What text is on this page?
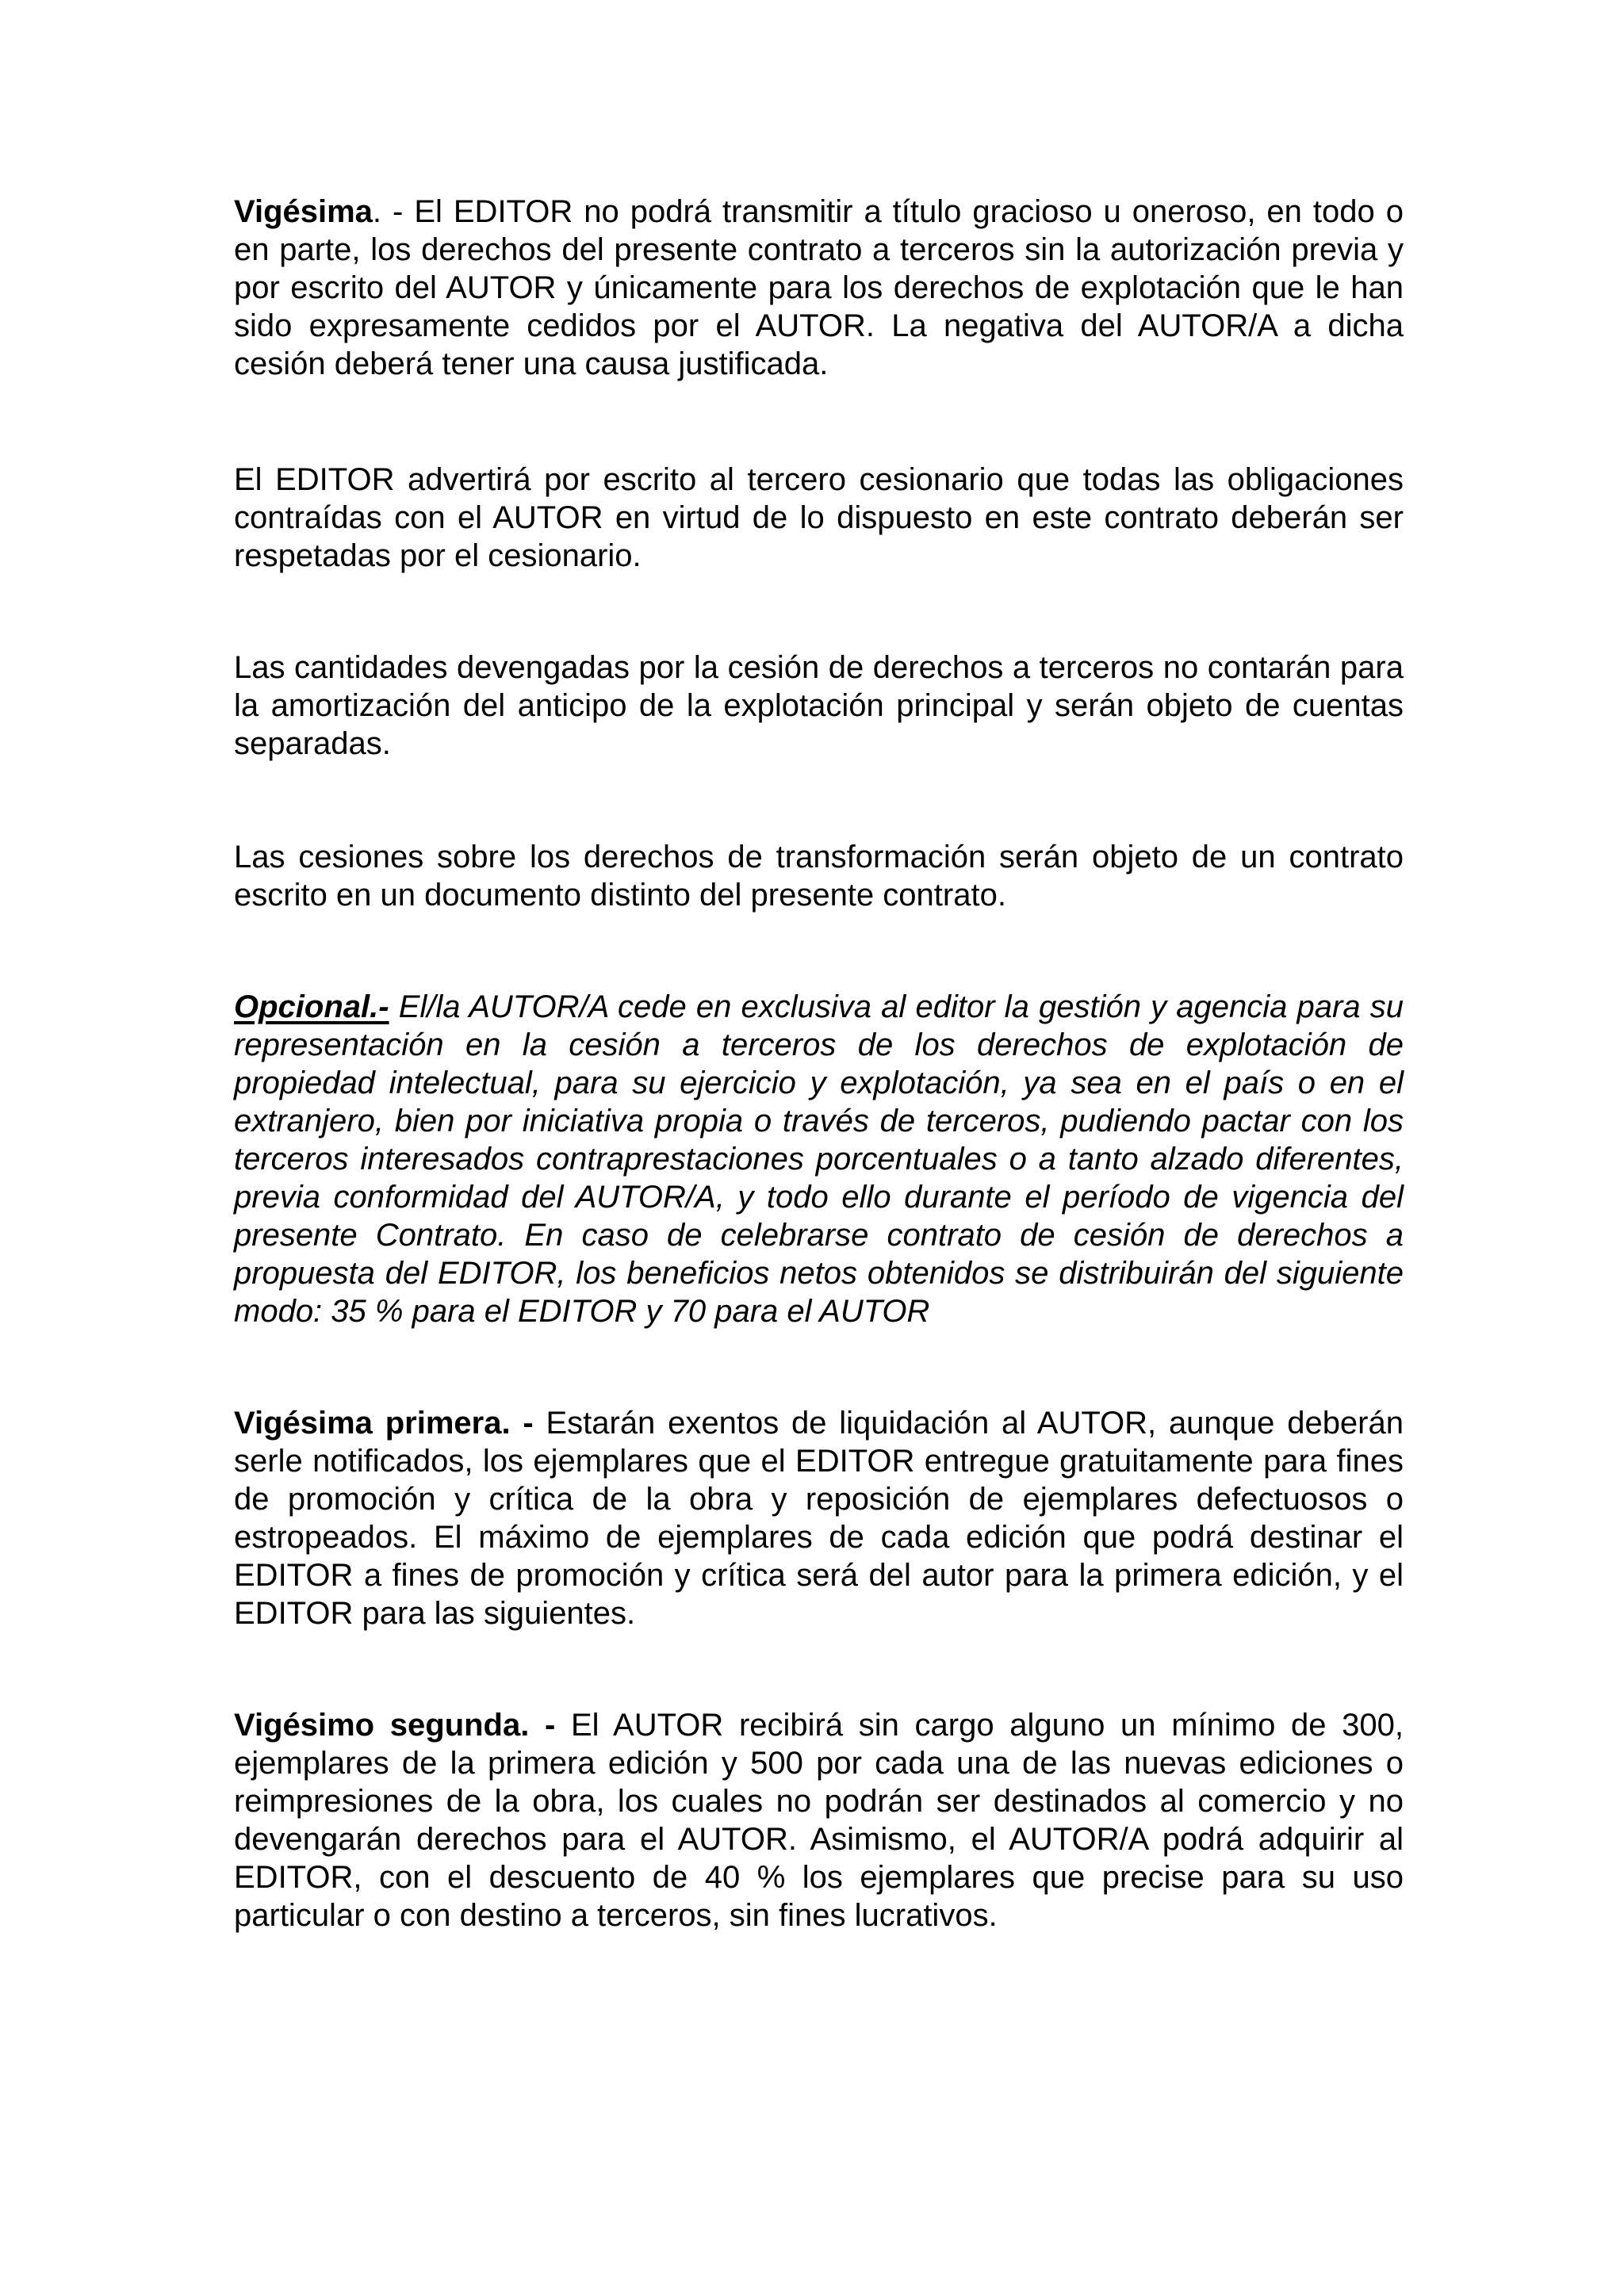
Vigésima. - El EDITOR no podrá transmitir a título gracioso u oneroso, en todo o en parte, los derechos del presente contrato a terceros sin la autorización previa y por escrito del AUTOR y únicamente para los derechos de explotación que le han sido expresamente cedidos por el AUTOR. La negativa del AUTOR/A a dicha cesión deberá tener una causa justificada.

El EDITOR advertirá por escrito al tercero cesionario que todas las obligaciones contraídas con el AUTOR en virtud de lo dispuesto en este contrato deberán ser respetadas por el cesionario.

Las cantidades devengadas por la cesión de derechos a terceros no contarán para la amortización del anticipo de la explotación principal y serán objeto de cuentas separadas.

Las cesiones sobre los derechos de transformación serán objeto de un contrato escrito en un documento distinto del presente contrato.

Opcional.- El/la AUTOR/A cede en exclusiva al editor la gestión y agencia para su representación en la cesión a terceros de los derechos de explotación de propiedad intelectual, para su ejercicio y explotación, ya sea en el país o en el extranjero, bien por iniciativa propia o través de terceros, pudiendo pactar con los terceros interesados contraprestaciones porcentuales o a tanto alzado diferentes, previa conformidad del AUTOR/A, y todo ello durante el período de vigencia del presente Contrato. En caso de celebrarse contrato de cesión de derechos a propuesta del EDITOR, los beneficios netos obtenidos se distribuirán del siguiente modo: 35 % para el EDITOR y 70 para el AUTOR

Vigésima primera. - Estarán exentos de liquidación al AUTOR, aunque deberán serle notificados, los ejemplares que el EDITOR entregue gratuitamente para fines de promoción y crítica de la obra y reposición de ejemplares defectuosos o estropeados. El máximo de ejemplares de cada edición que podrá destinar el EDITOR a fines de promoción y crítica será del autor para la primera edición, y el EDITOR para las siguientes.

Vigésimo segunda. - El AUTOR recibirá sin cargo alguno un mínimo de 300, ejemplares de la primera edición y 500 por cada una de las nuevas ediciones o reimpresiones de la obra, los cuales no podrán ser destinados al comercio y no devengarán derechos para el AUTOR. Asimismo, el AUTOR/A podrá adquirir al EDITOR, con el descuento de 40 % los ejemplares que precise para su uso particular o con destino a terceros, sin fines lucrativos.
